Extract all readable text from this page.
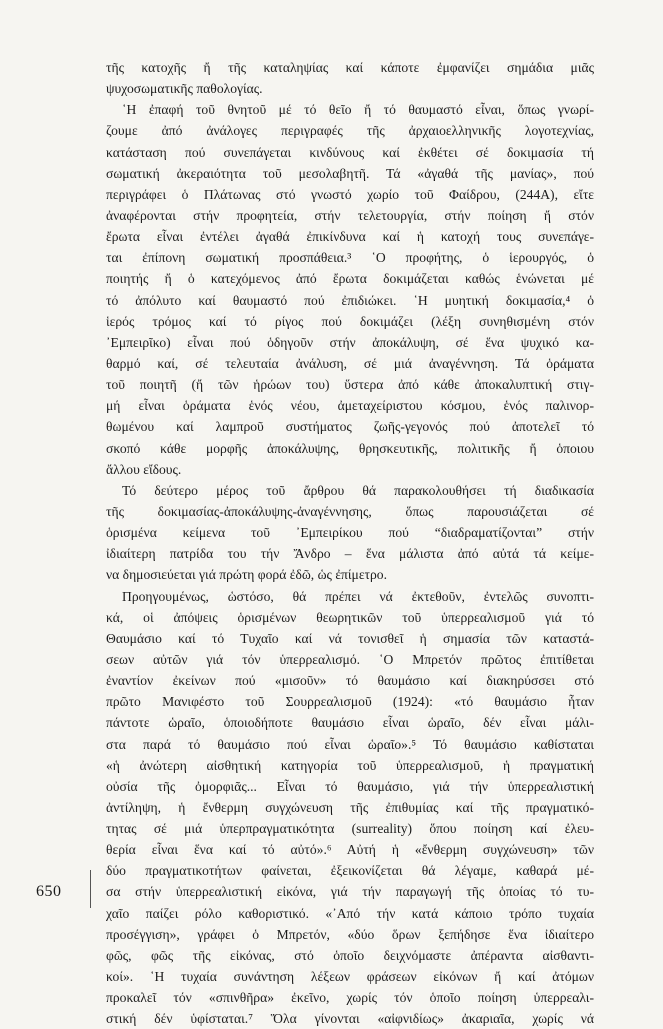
τῆς κατοχῆς ἤ τῆς καταληψίας καί κάποτε ἐμφανίζει σημάδια μιᾶς
ψυχοσωματικῆς παθολογίας.
῾Η ἐπαφή τοῦ θνητοῦ μέ τό θεῖο ἤ τό θαυμαστό εἶναι, ὅπως γνωρί-
ζουμε ἀπό ἀνάλογες περιγραφές τῆς ἀρχαιοελληνικῆς λογοτεχνίας,
κατάσταση πού συνεπάγεται κινδύνους καί ἐκθέτει σέ δοκιμασία τή
σωματική ἀκεραιότητα τοῦ μεσολαβητῆ. Τά «ἀγαθά τῆς μανίας», πού
περιγράφει ὁ Πλάτωνας στό γνωστό χωρίο τοῦ Φαίδρου, (244Α), εἴτε
ἀναφέρονται στήν προφητεία, στήν τελετουργία, στήν ποίηση ἤ στόν
ἔρωτα εἶναι ἐντέλει ἀγαθά ἐπικίνδυνα καί ἡ κατοχή τους συνεπάγε-
ται ἐπίπονη σωματική προσπάθεια.³ ῾Ο προφήτης, ὁ ἱερουργός, ὁ
ποιητής ἤ ὁ κατεχόμενος ἀπό ἔρωτα δοκιμάζεται καθώς ἑνώνεται μέ
τό ἀπόλυτο καί θαυμαστό πού ἐπιδιώκει. ῾Η μυητική δοκιμασία,⁴ ὁ
ἱερός τρόμος καί τό ρίγος πού δοκιμάζει (λέξη συνηθισμένη στόν
᾿Εμπειρῖκο) εἶναι πού ὁδηγοῦν στήν ἀποκάλυψη, σέ ἕνα ψυχικό κα-
θαρμό καί, σέ τελευταία ἀνάλυση, σέ μιά ἀναγέννηση. Τά ὁράματα
τοῦ ποιητῆ (ἤ τῶν ἡρώων του) ὕστερα ἀπό κάθε ἀποκαλυπτική στιγ-
μή εἶναι ὁράματα ἑνός νέου, ἀμεταχείριστου κόσμου, ἑνός παλινορ-
θωμένου καί λαμπροῦ συστήματος ζωῆς-γεγονός πού ἀποτελεῖ τό
σκοπό κάθε μορφῆς ἀποκάλυψης, θρησκευτικῆς, πολιτικῆς ἤ ὁποιου
ἄλλου εἴδους.
Τό δεύτερο μέρος τοῦ ἄρθρου θά παρακολουθήσει τή διαδικασία
τῆς δοκιμασίας-ἀποκάλυψης-ἀναγέννησης, ὅπως παρουσιάζεται σέ
ὁρισμένα κείμενα τοῦ ᾿Εμπειρίκου πού “διαδραματίζονται” στήν
ἰδιαίτερη πατρίδα του τήν Ἄνδρο – ἕνα μάλιστα ἀπό αὐτά τά κείμε-
να δημοσιεύεται γιά πρώτη φορά ἐδῶ, ὡς ἐπίμετρο.
Προηγουμένως, ὡστόσο, θά πρέπει νά ἐκτεθοῦν, ἐντελῶς συνοπτι-
κά, οἱ ἀπόψεις ὁρισμένων θεωρητικῶν τοῦ ὑπερρεαλισμοῦ γιά τό
Θαυμάσιο καί τό Τυχαῖο καί νά τονισθεῖ ἡ σημασία τῶν καταστά-
σεων αὐτῶν γιά τόν ὑπερρεαλισμό. ῾Ο Μπρετόν πρῶτος ἐπιτίθεται
ἐναντίον ἐκείνων πού «μισοῦν» τό θαυμάσιο καί διακηρύσσει στό
πρῶτο Μανιφέστο τοῦ Σουρρεαλισμοῦ (1924): «τό θαυμάσιο ἦταν
πάντοτε ὡραῖο, ὁποιοδήποτε θαυμάσιο εἶναι ὡραῖο, δέν εἶναι μάλι-
στα παρά τό θαυμάσιο πού εἶναι ὡραῖο».⁵ Τό θαυμάσιο καθίσταται
«ἡ ἀνώτερη αἰσθητική κατηγορία τοῦ ὑπερρεαλισμοῦ, ἡ πραγματική
οὐσία τῆς ὀμορφιᾶς... Εἶναι τό θαυμάσιο, γιά τήν ὑπερρεαλιστική
ἀντίληψη, ἡ ἔνθερμη συγχώνευση τῆς ἐπιθυμίας καί τῆς πραγματικό-
τητας σέ μιά ὑπερπραγματικότητα (surreality) ὅπου ποίηση καί ἐλευ-
θερία εἶναι ἕνα καί τό αὐτό».⁶ Αὐτή ἡ «ἔνθερμη συγχώνευση» τῶν
δύο πραγματικοτήτων φαίνεται, ἐξεικονίζεται θά λέγαμε, καθαρά μέ-
σα στήν ὑπερρεαλιστική εἰκόνα, γιά τήν παραγωγή τῆς ὁποίας τό τυ-
χαῖο παίζει ρόλο καθοριστικό. «᾿Από τήν κατά κάποιο τρόπο τυχαία
προσέγγιση», γράφει ὁ Μπρετόν, «δύο ὅρων ξεπήδησε ἕνα ἰδιαίτερο
φῶς, φῶς τῆς εἰκόνας, στό ὁποῖο δειχνόμαστε ἀπέραντα αἰσθαντι-
κοί». ῾Η τυχαία συνάντηση λέξεων φράσεων εἰκόνων ἤ καί ἀτόμων
προκαλεῖ τόν «σπινθῆρα» ἐκεῖνο, χωρίς τόν ὁποῖο ποίηση ὑπερρεαλι-
στική δέν ὑφίσταται.⁷ Ὅλα γίνονται «αἰφνιδίως» ἀκαριαῖα, χωρίς νά
650
